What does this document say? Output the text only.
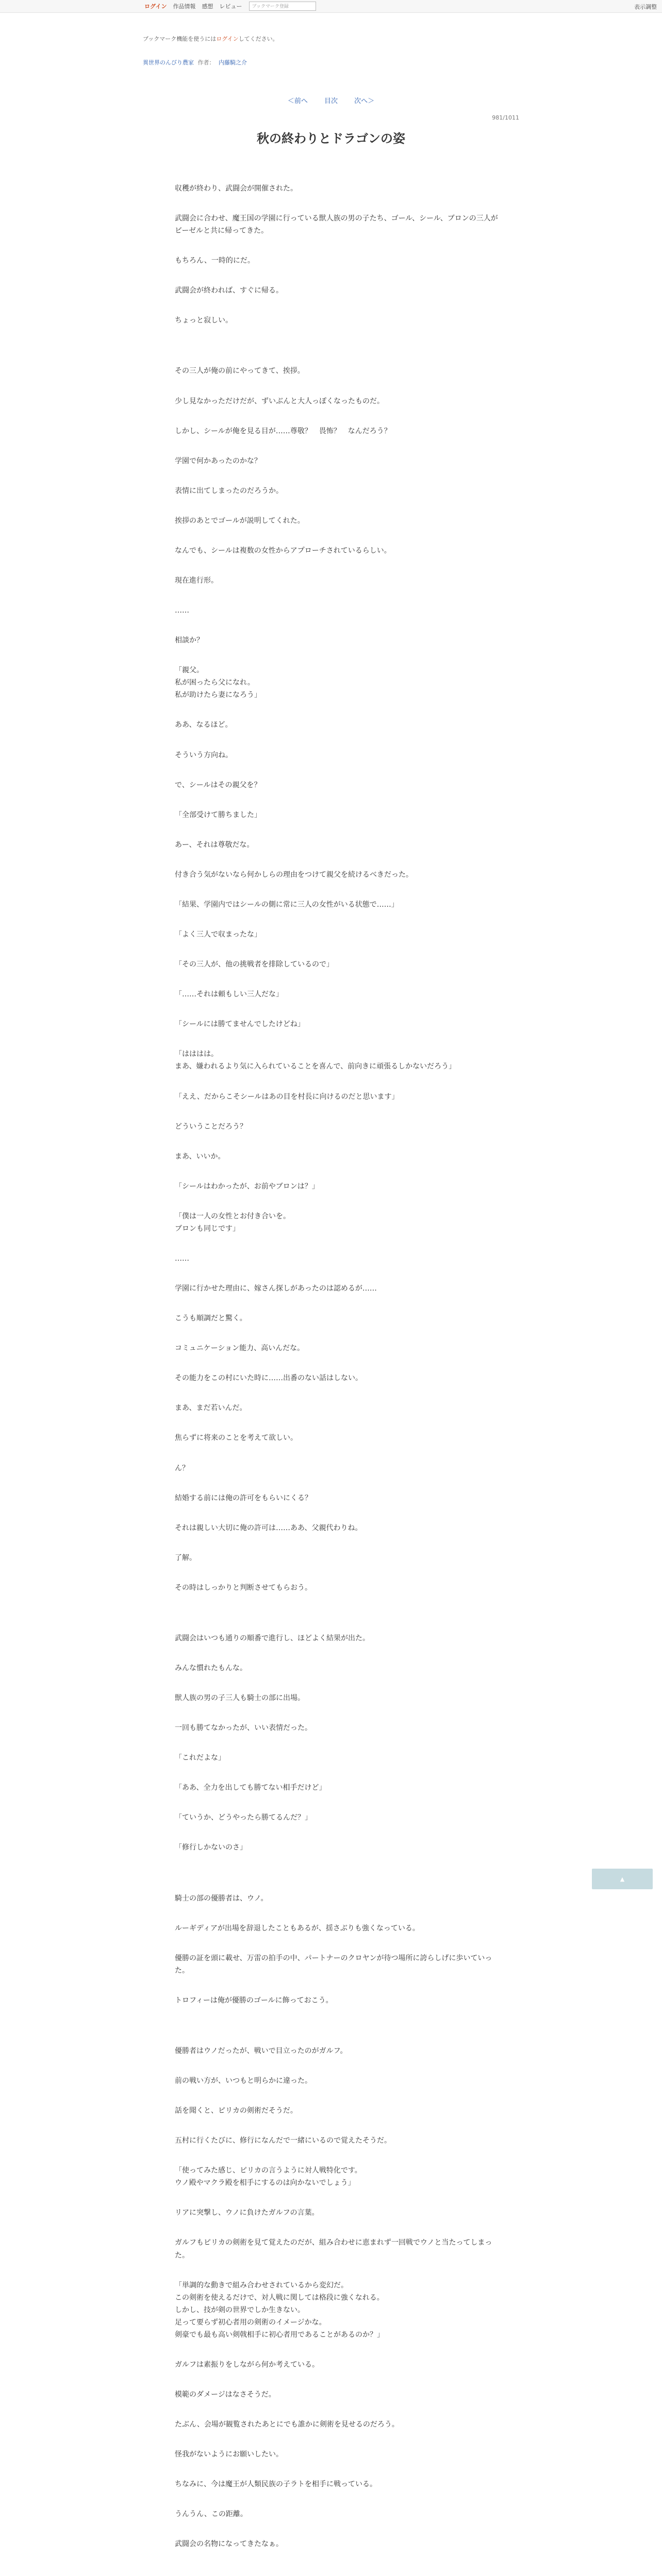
ログイン 作品情報 感想 レビュー	ブックマーク登録	表示調整
ブックマーク機能を使うにはログインしてください。
異世界のんびり農家 作者： 内藤騎之介
＜前へ 目次 次へ＞
981/1011
秋の終わりとドラゴンの姿

収穫が終わり、武闘会が開催された。

武闘会に合わせ、魔王国の学園に行っている獣人族の男の子たち、ゴール、シール、ブロンの三人がビーゼルと共に帰ってきた。

もちろん、一時的にだ。

武闘会が終われば、すぐに帰る。

ちょっと寂しい。

その三人が俺の前にやってきて、挨拶。

少し見なかっただけだが、ずいぶんと大人っぽくなったものだ。

しかし、シールが俺を見る目が……尊敬？　畏怖？　なんだろう？

学園で何かあったのかな？

表情に出てしまったのだろうか。

挨拶のあとでゴールが説明してくれた。

なんでも、シールは複数の女性からアプローチされているらしい。

現在進行形。

……

相談か？

「親父。
私が困ったら父になれ。
私が助けたら妻になろう」

ああ、なるほど。

そういう方向ね。

で、シールはその親父を？

「全部受けて勝ちました」

あー、それは尊敬だな。

付き合う気がないなら何かしらの理由をつけて親父を続けるべきだった。

「結果、学園内ではシールの側に常に三人の女性がいる状態で……」

「よく三人で収まったな」

「その三人が、他の挑戦者を排除しているので」

「……それは頼もしい三人だな」

「シールには勝てませんでしたけどね」

「はははは。
まあ、嫌われるより気に入られていることを喜んで、前向きに頑張るしかないだろう」

「ええ、だからこそシールはあの目を村長に向けるのだと思います」

どういうことだろう？

まあ、いいか。

「シールはわかったが、お前やブロンは？」

「僕は一人の女性とお付き合いを。
ブロンも同じです」

……

学園に行かせた理由に、嫁さん探しがあったのは認めるが……

こうも順調だと驚く。

コミュニケーション能力、高いんだな。

その能力をこの村にいた時に……出番のない話はしない。

まあ、まだ若いんだ。

焦らずに将来のことを考えて欲しい。

ん？

結婚する前には俺の許可をもらいにくる？

それは親しい大切に俺の許可は……ああ、父親代わりね。

了解。

その時はしっかりと判断させてもらおう。

武闘会はいつも通りの順番で進行し、ほどよく結果が出た。

みんな慣れたもんな。

獣人族の男の子三人も騎士の部に出場。

一回も勝てなかったが、いい表情だった。

「これだよな」

「ああ、全力を出しても勝てない相手だけど」

「ていうか、どうやったら勝てるんだ？」

「修行しかないのさ」

騎士の部の優勝者は、ウノ。

ルーギディアが出場を辞退したこともあるが、揺さぶりも強くなっている。

優勝の証を頭に載せ、万雷の拍手の中、パートナーのクロヤンが待つ場所に誇らしげに歩いていった。

トロフィーは俺が優勝のゴールに飾っておこう。

優勝者はウノだったが、戦いで目立ったのがガルフ。

前の戦い方が、いつもと明らかに違った。

話を聞くと、ピリカの剣術だそうだ。

五村に行くたびに、修行になんだで一緒にいるので覚えたそうだ。

「使ってみた感じ、ピリカの言うように対人戦特化です。
ウノ殿やマクラ殿を相手にするのは向かないでしょう」

リアに突撃し、ウノに負けたガルフの言葉。

ガルフもピリカの剣術を見て覚えたのだが、組み合わせに恵まれず一回戦でウノと当たってしまった。

「単調的な動きで組み合わせされているから変幻だ。
この剣術を使えるだけで、対人戦に関しては格段に強くなれる。
しかし、技が剣の世界でしか生きない。
足って要らず初心者用の剣術のイメージかな。
剣豪でも最も高い剣戟相手に初心者用であることがあるのか？」

ガルフは素振りをしながら何か考えている。

模範のダメージはなさそうだ。

たぶん、会場が観覧されたあとにでも誰かに剣術を見せるのだろう。

怪我がないようにお願いしたい。

ちなみに、今は魔王が人類民族の子ラトを相手に戦っている。

うんうん、この距離。

武闘会の名物になってきたなぁ。

▲
